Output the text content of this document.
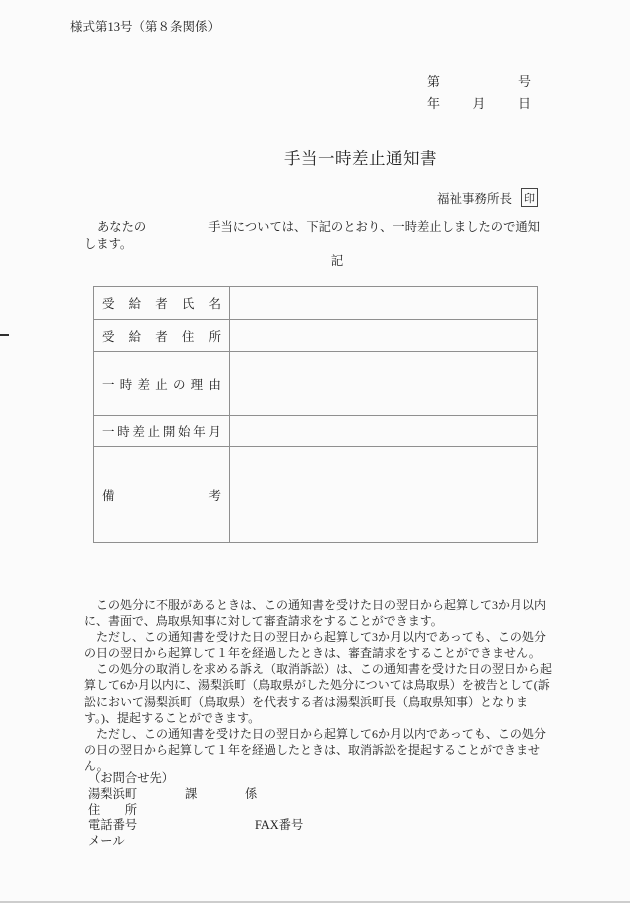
様式第13号（第８条関係）
第	号
年 月 日
手当一時差止通知書
福祉事務所長 印
あなたの	手当については、下記のとおり、一時差止しましたので通知します。
記
受 給 者 氏 名	

受 給 者 住 所	

一 時 差 止 の 理 由

一 時 差 止 開 始 年 月

備 考	

この処分に不服があるときは、この通知書を受けた日の翌日から起算して3か月以内に、書面で、鳥取県知事に対して審査請求をすることができます。

ただし、この通知書を受けた日の翌日から起算して3か月以内であっても、この処分の日の翌日から起算して１年を経過したときは、審査請求をすることができません。

この処分の取消しを求める訴え（取消訴訟）は、この通知書を受けた日の翌日から起算して6か月以内に、湯梨浜町（鳥取県がした処分については鳥取県）を被告として(訴訟において湯梨浜町（鳥取県）を代表する者は湯梨浜町長（鳥取県知事）となります。)、提起することができます。

ただし、この通知書を受けた日の翌日から起算して6か月以内であっても、この処分の日の翌日から起算して１年を経過したときは、取消訴訟を提起することができません。

（お問合せ先）
湯梨浜町	課	係
住 所
電話番号	FAX番号
メール
